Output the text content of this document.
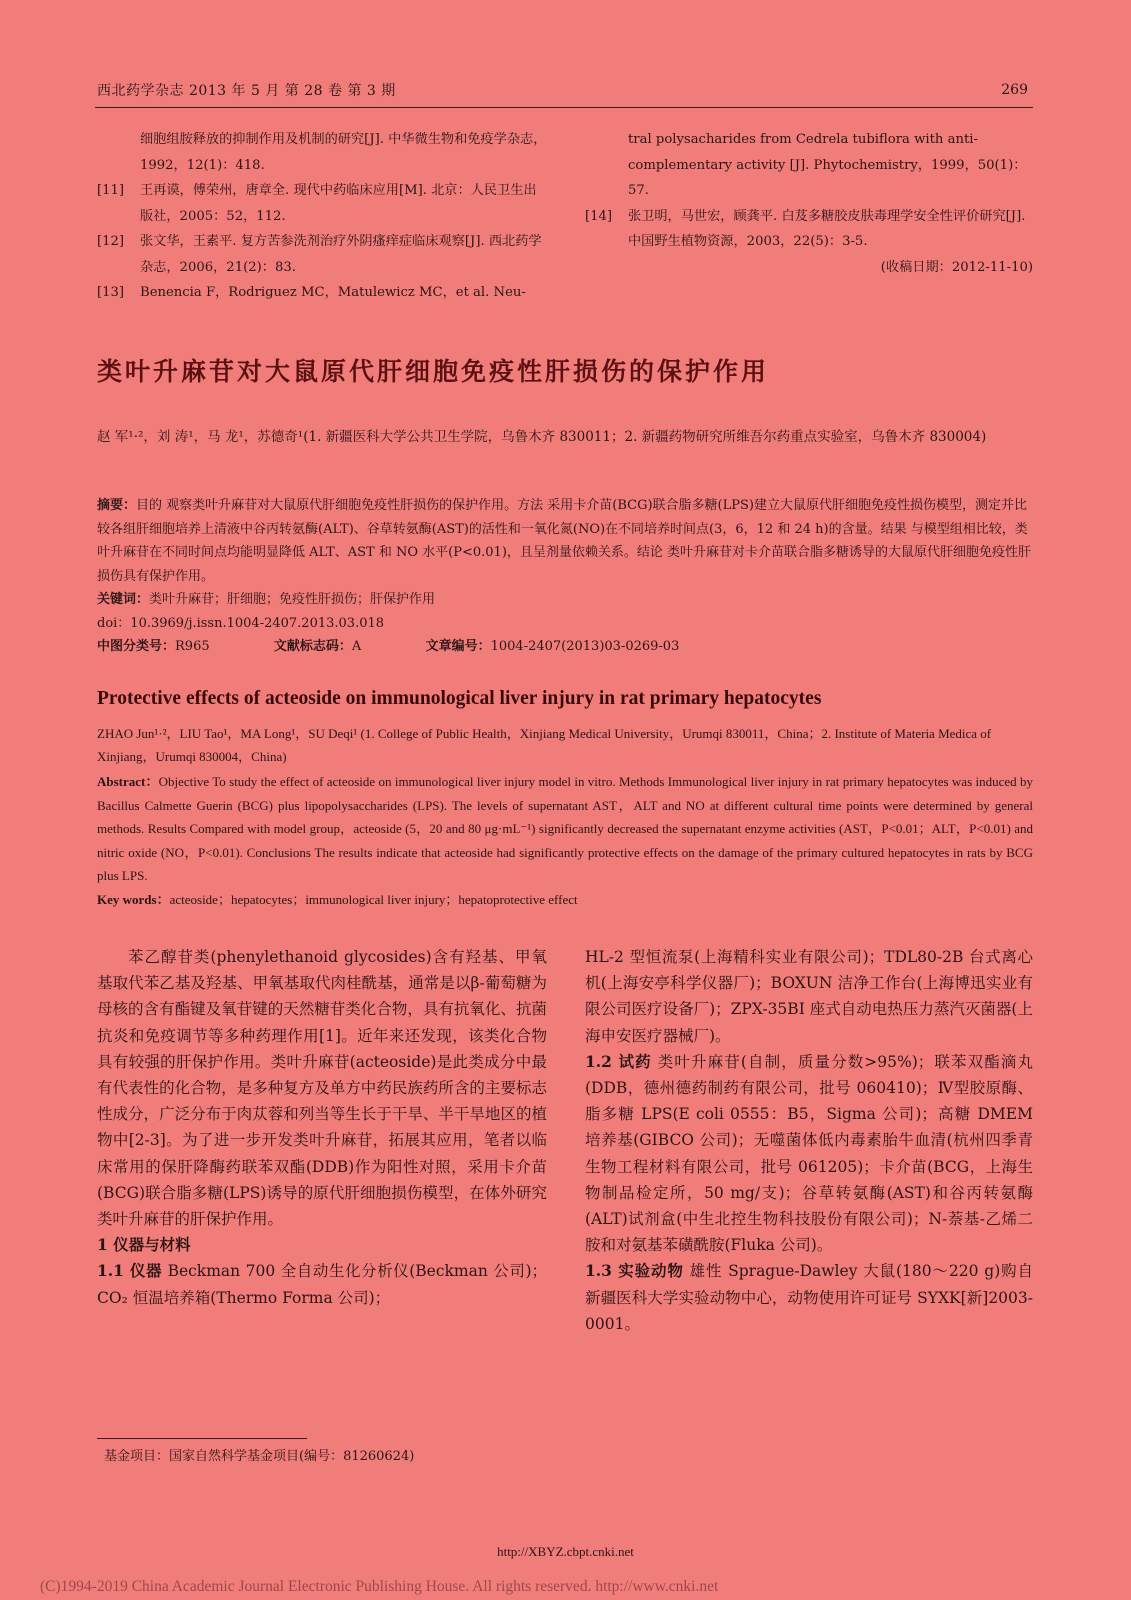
西北药学杂志 2013 年 5 月 第 28 卷 第 3 期	269
细胞组胺释放的抑制作用及机制的研究[J]. 中华微生物和免疫学杂志，1992，12(1)：418.
[11] 王再谟，傅荣州，唐章全. 现代中药临床应用[M]. 北京：人民卫生出版社，2005：52，112.
[12] 张文华，王素平. 复方苦参洗剂治疗外阴瘙痒症临床观察[J]. 西北药学杂志，2006，21(2)：83.
[13] Benencia F，Rodriguez MC，Matulewicz MC，et al. Neu-
tral polysacharides from Cedrela tubiflora with anti-complementary activity [J]. Phytochemistry，1999，50(1)：57.
[14] 张卫明，马世宏，顾龚平. 白芨多糖胶皮肤毒理学安全性评价研究[J]. 中国野生植物资源，2003，22(5)：3-5.
(收稿日期：2012-11-10)
类叶升麻苷对大鼠原代肝细胞免疫性肝损伤的保护作用
赵 军¹·²，刘 涛¹，马 龙¹，苏德奇¹(1. 新疆医科大学公共卫生学院，乌鲁木齐 830011；2. 新疆药物研究所维吾尔药重点实验室，乌鲁木齐 830004)
摘要：目的 观察类叶升麻苷对大鼠原代肝细胞免疫性肝损伤的保护作用。方法 采用卡介苗(BCG)联合脂多糖(LPS)建立大鼠原代肝细胞免疫性损伤模型，测定并比较各组肝细胞培养上清液中谷丙转氨酶(ALT)、谷草转氨酶(AST)的活性和一氧化氮(NO)在不同培养时间点(3，6，12 和 24 h)的含量。结果 与模型组相比较，类叶升麻苷在不同时间点均能明显降低 ALT、AST 和 NO 水平(P<0.01)，且呈剂量依赖关系。结论 类叶升麻苷对卡介苗联合脂多糖诱导的大鼠原代肝细胞免疫性肝损伤具有保护作用。
关键词：类叶升麻苷；肝细胞；免疫性肝损伤；肝保护作用
doi：10.3969/j.issn.1004-2407.2013.03.018
中图分类号：R965	文献标志码：A	文章编号：1004-2407(2013)03-0269-03
Protective effects of acteoside on immunological liver injury in rat primary hepatocytes
ZHAO Jun¹·²，LIU Tao¹，MA Long¹，SU Deqi¹ (1. College of Public Health，Xinjiang Medical University，Urumqi 830011，China；2. Institute of Materia Medica of Xinjiang，Urumqi 830004，China)
Abstract：Objective To study the effect of acteoside on immunological liver injury model in vitro. Methods Immunological liver injury in rat primary hepatocytes was induced by Bacillus Calmette Guerin (BCG) plus lipopolysaccharides (LPS). The levels of supernatant AST，ALT and NO at different cultural time points were determined by general methods. Results Compared with model group，acteoside (5，20 and 80 μg·mL⁻¹) significantly decreased the supernatant enzyme activities (AST，P<0.01；ALT，P<0.01) and nitric oxide (NO，P<0.01). Conclusions The results indicate that acteoside had significantly protective effects on the damage of the primary cultured hepatocytes in rats by BCG plus LPS.
Key words：acteoside；hepatocytes；immunological liver injury；hepatoprotective effect
苯乙醇苷类(phenylethanoid glycosides)含有羟基、甲氧基取代苯乙基及羟基、甲氧基取代肉桂酰基，通常是以β-葡萄糖为母核的含有酯键及氧苷键的天然糖苷类化合物，具有抗氧化、抗菌抗炎和免疫调节等多种药理作用[1]。近年来还发现，该类化合物具有较强的肝保护作用。类叶升麻苷(acteoside)是此类成分中最有代表性的化合物，是多种复方及单方中药民族药所含的主要标志性成分，广泛分布于肉苁蓉和列当等生长于干旱、半干旱地区的植物中[2-3]。为了进一步开发类叶升麻苷，拓展其应用，笔者以临床常用的保肝降酶药联苯双酯(DDB)作为阳性对照，采用卡介苗(BCG)联合脂多糖(LPS)诱导的原代肝细胞损伤模型，在体外研究类叶升麻苷的肝保护作用。
1 仪器与材料
1.1 仪器 Beckman 700 全自动生化分析仪(Beckman 公司)；CO₂ 恒温培养箱(Thermo Forma 公司)；
HL-2 型恒流泵(上海精科实业有限公司)；TDL80-2B 台式离心机(上海安亭科学仪器厂)；BOXUN 洁净工作台(上海博迅实业有限公司医疗设备厂)；ZPX-35BI 座式自动电热压力蒸汽灭菌器(上海申安医疗器械厂)。
1.2 试药 类叶升麻苷(自制，质量分数>95%)；联苯双酯滴丸(DDB，德州德药制药有限公司，批号 060410)；Ⅳ型胶原酶、脂多糖 LPS(E coli 0555：B5，Sigma 公司)；高糖 DMEM 培养基(GIBCO 公司)；无噬菌体低内毒素胎牛血清(杭州四季青生物工程材料有限公司，批号 061205)；卡介苗(BCG，上海生物制品检定所，50 mg/支)；谷草转氨酶(AST)和谷丙转氨酶(ALT)试剂盒(中生北控生物科技股份有限公司)；N-萘基-乙烯二胺和对氨基苯磺酰胺(Fluka 公司)。
1.3 实验动物 雄性 Sprague-Dawley 大鼠(180～220 g)购自新疆医科大学实验动物中心，动物使用许可证号 SYXK[新]2003-0001。
基金项目：国家自然科学基金项目(编号：81260624)
http://XBYZ.cbpt.cnki.net
(C)1994-2019 China Academic Journal Electronic Publishing House. All rights reserved. http://www.cnki.net
